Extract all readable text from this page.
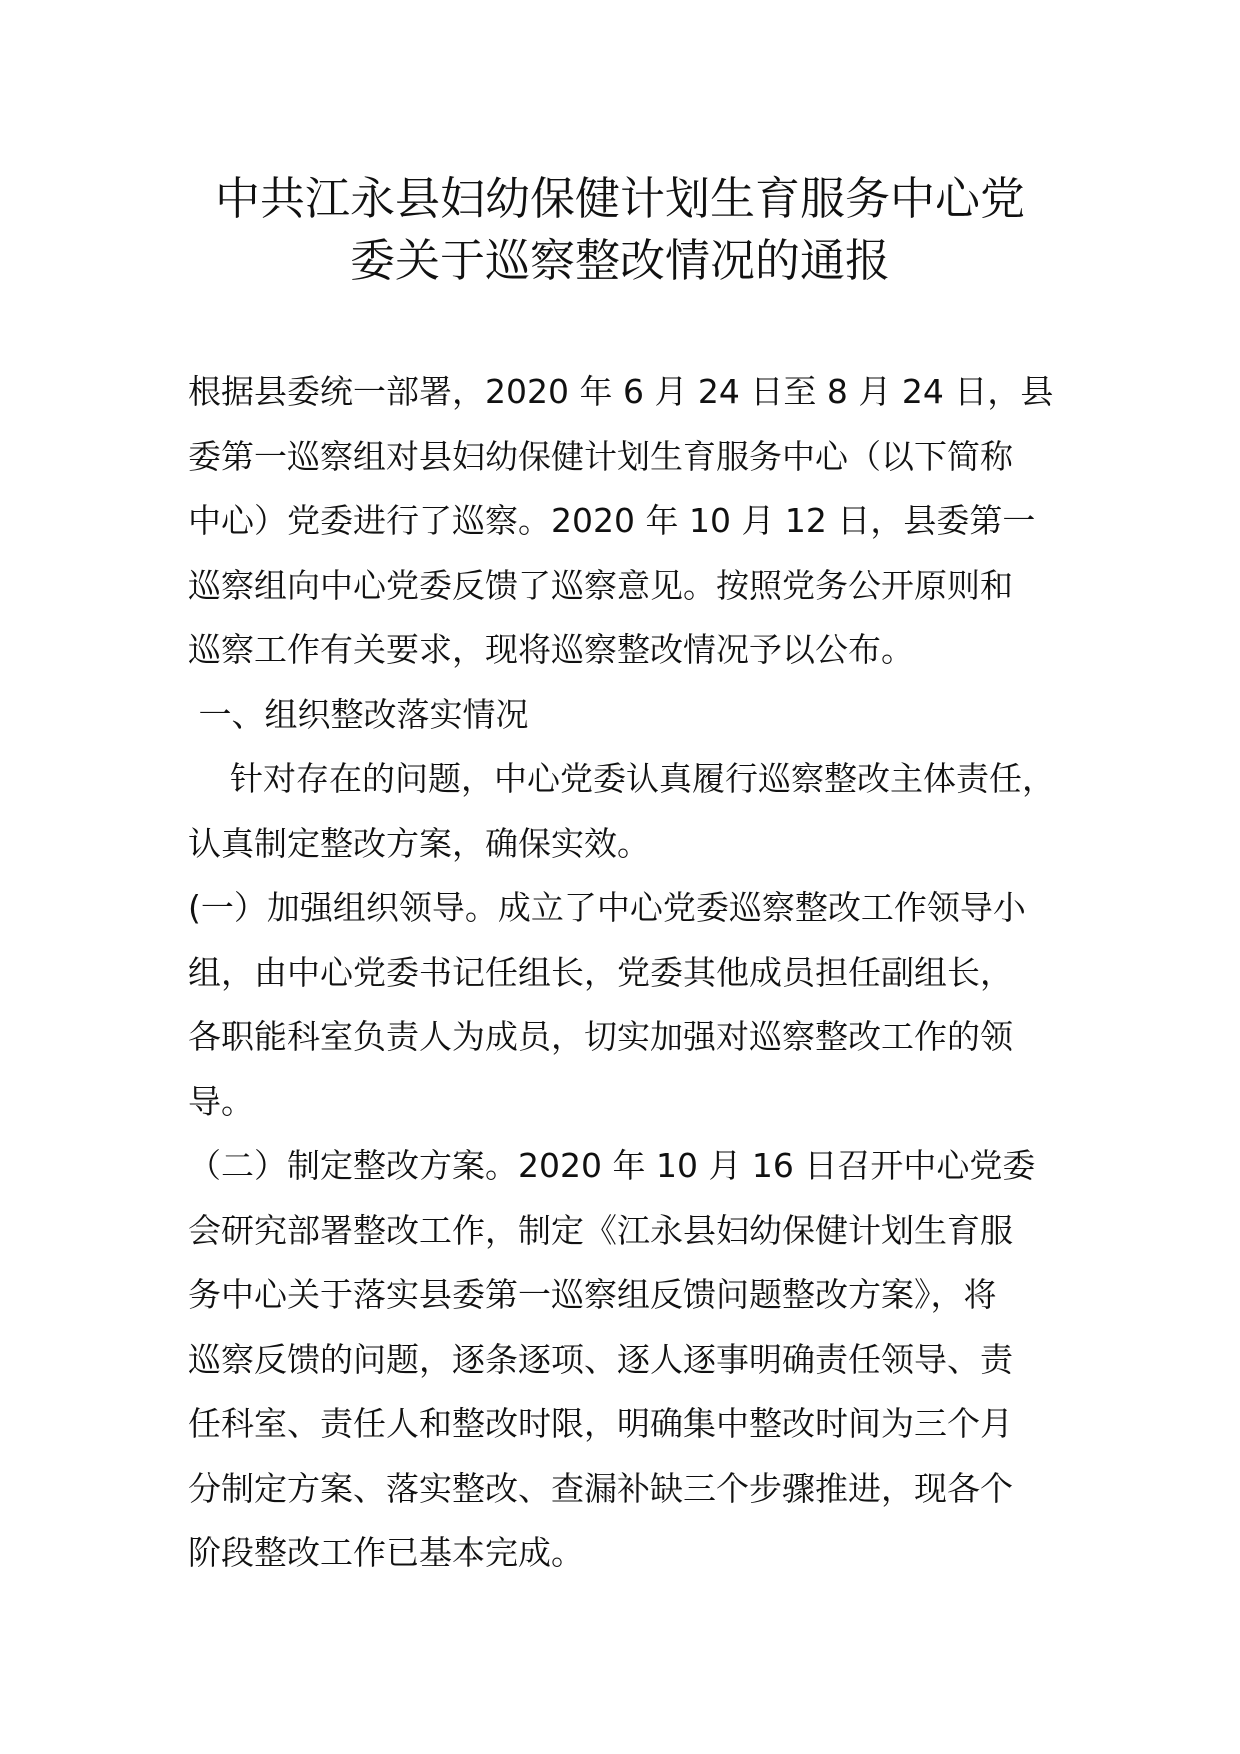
中共江永县妇幼保健计划生育服务中心党
委关于巡察整改情况的通报
根据县委统一部署，2020 年 6 月 24 日至 8 月 24 日，县
委第一巡察组对县妇幼保健计划生育服务中心（以下简称
中心）党委进行了巡察。2020 年 10 月 12 日，县委第一
巡察组向中心党委反馈了巡察意见。按照党务公开原则和
巡察工作有关要求，现将巡察整改情况予以公布。
一、组织整改落实情况
针对存在的问题，中心党委认真履行巡察整改主体责任，
认真制定整改方案，确保实效。
(一）加强组织领导。成立了中心党委巡察整改工作领导小
组，由中心党委书记任组长，党委其他成员担任副组长，
各职能科室负责人为成员，切实加强对巡察整改工作的领
导。
（二）制定整改方案。2020 年 10 月 16 日召开中心党委
会研究部署整改工作，制定《江永县妇幼保健计划生育服
务中心关于落实县委第一巡察组反馈问题整改方案》，将
巡察反馈的问题，逐条逐项、逐人逐事明确责任领导、责
任科室、责任人和整改时限，明确集中整改时间为三个月
分制定方案、落实整改、查漏补缺三个步骤推进，现各个
阶段整改工作已基本完成。
